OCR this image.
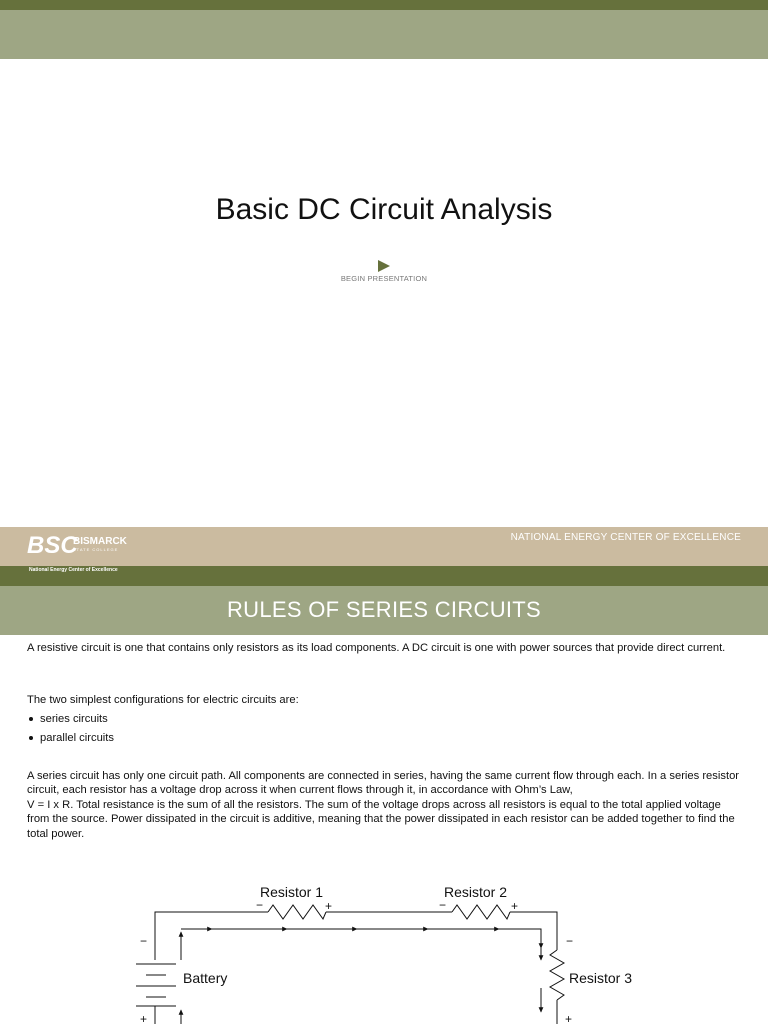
Basic DC Circuit Analysis
BEGIN PRESENTATION
BSC
BISMARCK
STATE COLLEGE
NATIONAL ENERGY CENTER OF EXCELLENCE
National Energy Center of Excellence
RULES OF SERIES CIRCUITS

A resistive circuit is one that contains only resistors as its load components. A DC circuit is one with power sources that provide direct current.

The two simplest configurations for electric circuits are:

series circuits
parallel circuits

A series circuit has only one circuit path. All components are connected in series, having the same current flow through each. In a series resistor circuit, each resistor has a voltage drop across it when current flows through it, in accordance with Ohm’s Law,

V = I x R. Total resistance is the sum of all the resistors. The sum of the voltage drops across all resistors is equal to the total applied voltage from the source. Power dissipated in the circuit is additive, meaning that the power dissipated in each resistor can be added together to find the total power.

Resistor 1	Resistor 2
Resistor 3
Battery
−	+	−	+
−
+
−
+
